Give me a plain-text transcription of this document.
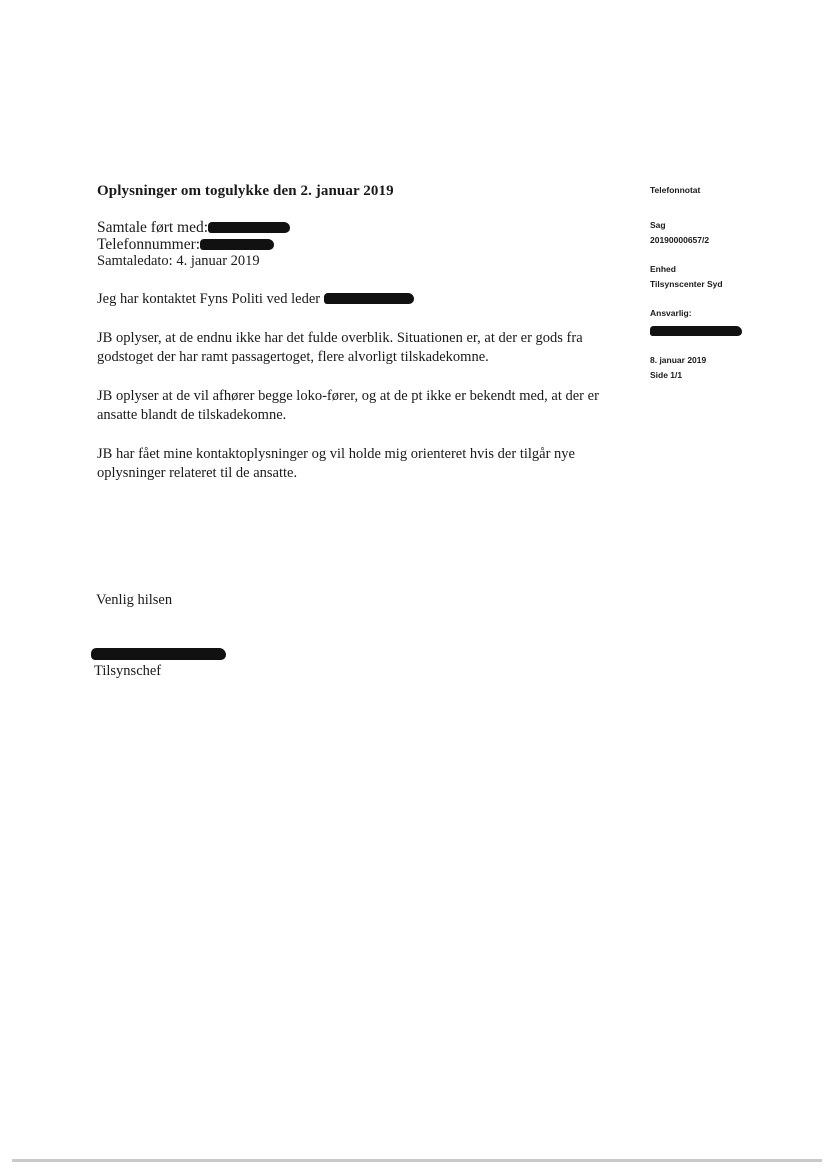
Oplysninger om togulykke den 2. januar 2019
Samtale ført med:
Telefonnummer:
Samtaledato: 4. januar 2019

Jeg har kontaktet Fyns Politi ved leder

JB oplyser, at de endnu ikke har det fulde overblik. Situationen er, at der er gods fra godstoget der har ramt passagertoget, flere alvorligt tilskadekomne.

JB oplyser at de vil afhører begge loko-fører, og at de pt ikke er bekendt med, at der er ansatte blandt de tilskadekomne.

JB har fået mine kontaktoplysninger og vil holde mig orienteret hvis der tilgår nye oplysninger relateret til de ansatte.

Venlig hilsen
Tilsynschef
Telefonnotat
Sag
20190000657/2
Enhed
Tilsynscenter Syd
Ansvarlig:
8. januar 2019
Side 1/1
